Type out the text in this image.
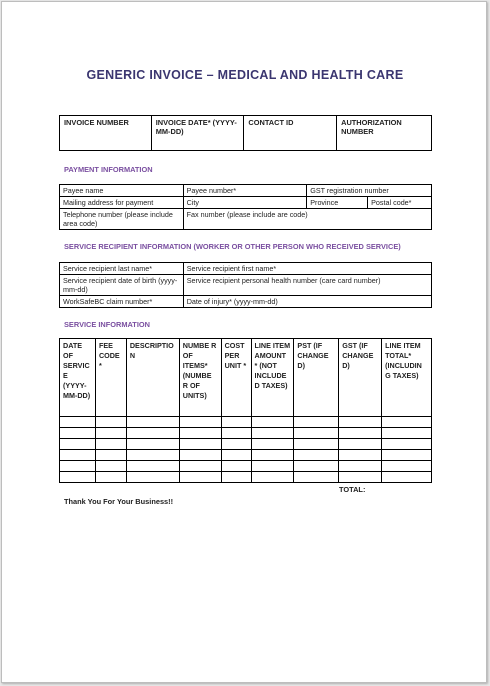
GENERIC INVOICE – MEDICAL AND HEALTH CARE
INVOICE NUMBER	INVOICE DATE* (YYYY-MM-DD)	CONTACT ID	AUTHORIZATION NUMBER
PAYMENT INFORMATION
Payee name	Payee number*	GST registration number	
Mailing address for payment	City	Province	Postal code*
Telephone number (please include area code)	Fax number (please include are code)		
SERVICE RECIPIENT INFORMATION (WORKER OR OTHER PERSON WHO RECEIVED SERVICE)
Service recipient last name*	Service recipient first name*
Service recipient date of birth (yyyy-mm-dd)	Service recipient personal health number (care card number)
WorkSafeBC claim number*	Date of injury* (yyyy-mm-dd)
SERVICE INFORMATION
DATE OF SERVIC E (YYYY-MM-DD)	FEE CODE *	DESCRIPTIO N	NUMBE R OF ITEMS* (NUMBE R OF UNITS)	COST PER UNIT *	LINE ITEM AMOUNT * (NOT INCLUDE D TAXES)	PST (IF CHANGE D)	GST (IF CHANGE D)	LINE ITEM TOTAL* (INCLUDIN G TAXES)

TOTAL:
Thank You For Your Business!!
